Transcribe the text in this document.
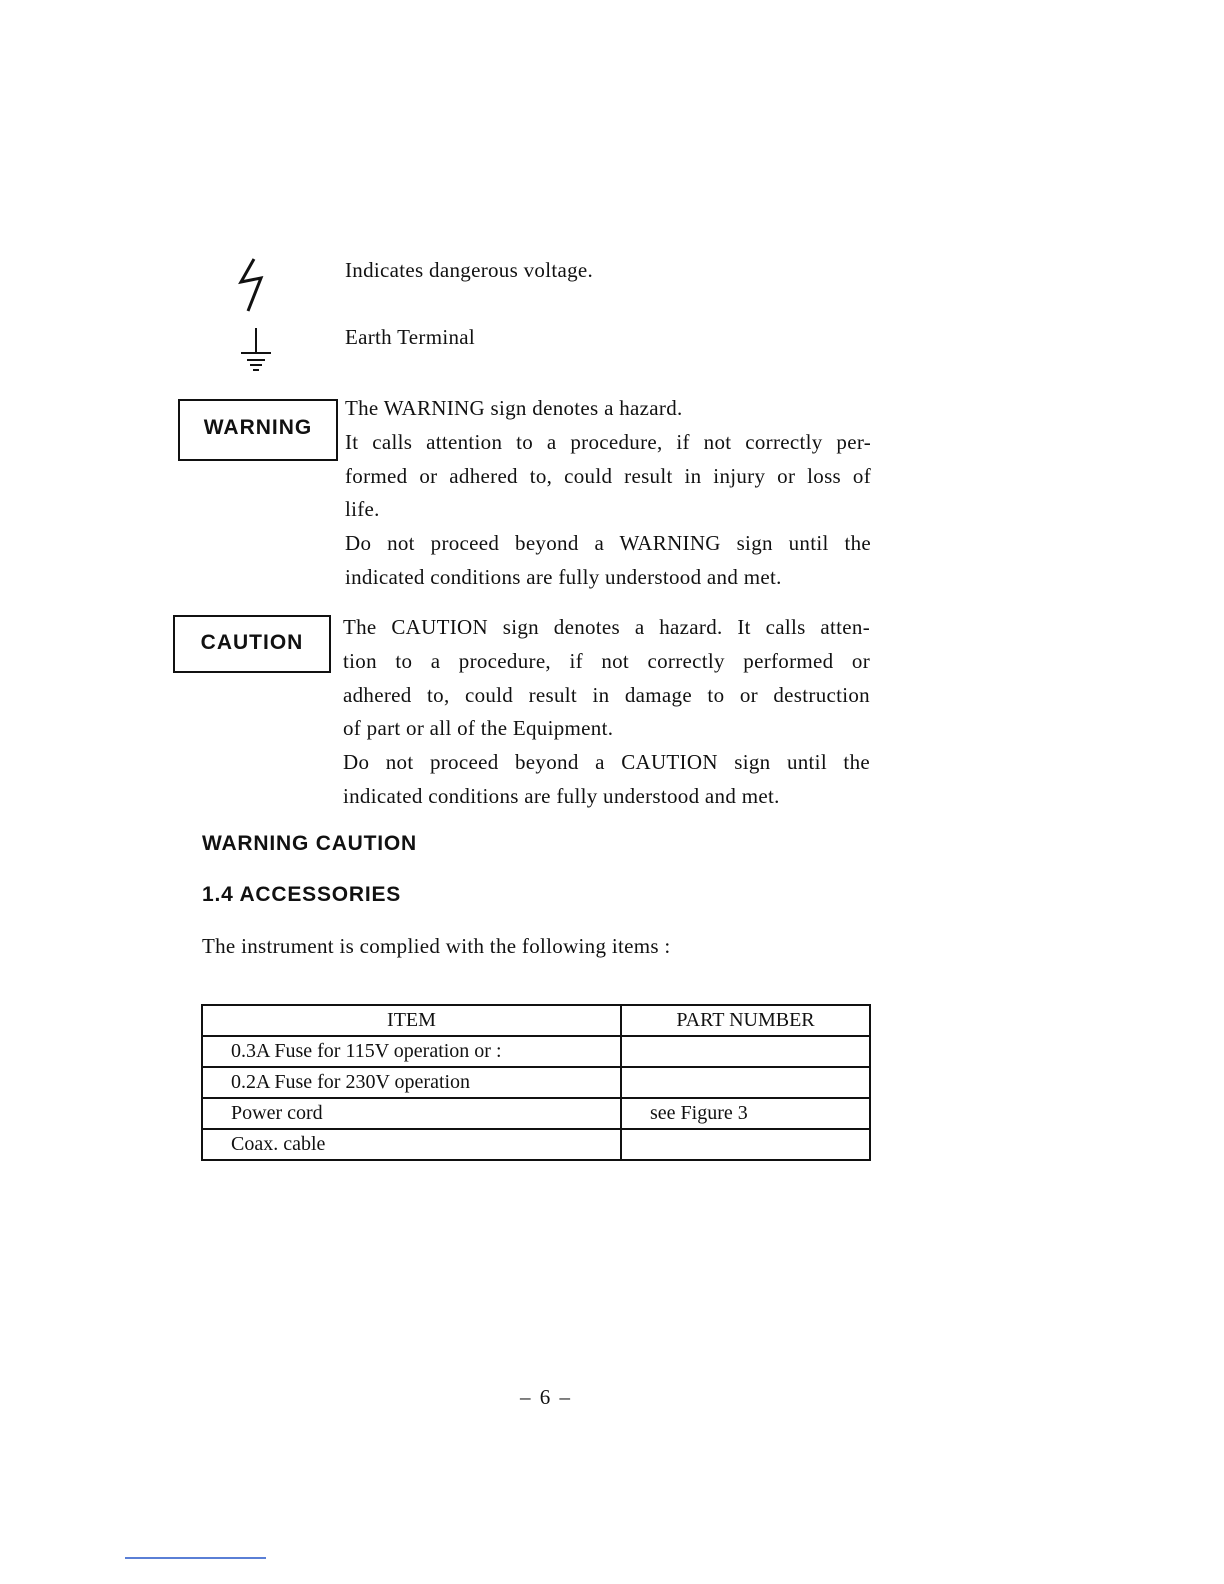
Indicates dangerous voltage.
Earth Terminal
WARNING
The WARNING sign denotes a hazard.
It calls attention to a procedure, if not correctly per-
formed or adhered to, could result in injury or loss of
life.
Do not proceed beyond a WARNING sign until the
indicated conditions are fully understood and met.
CAUTION
The CAUTION sign denotes a hazard. It calls atten-
tion to a procedure, if not correctly performed or
adhered to, could result in damage to or destruction
of part or all of the Equipment.
Do not proceed beyond a CAUTION sign until the
indicated conditions are fully understood and met.
WARNING CAUTION
1.4 ACCESSORIES
The instrument is complied with the following items :
ITEM	PART NUMBER
0.3A Fuse for 115V operation or :	
0.2A Fuse for 230V operation	
Power cord	see Figure 3
Coax. cable	
– 6 –
